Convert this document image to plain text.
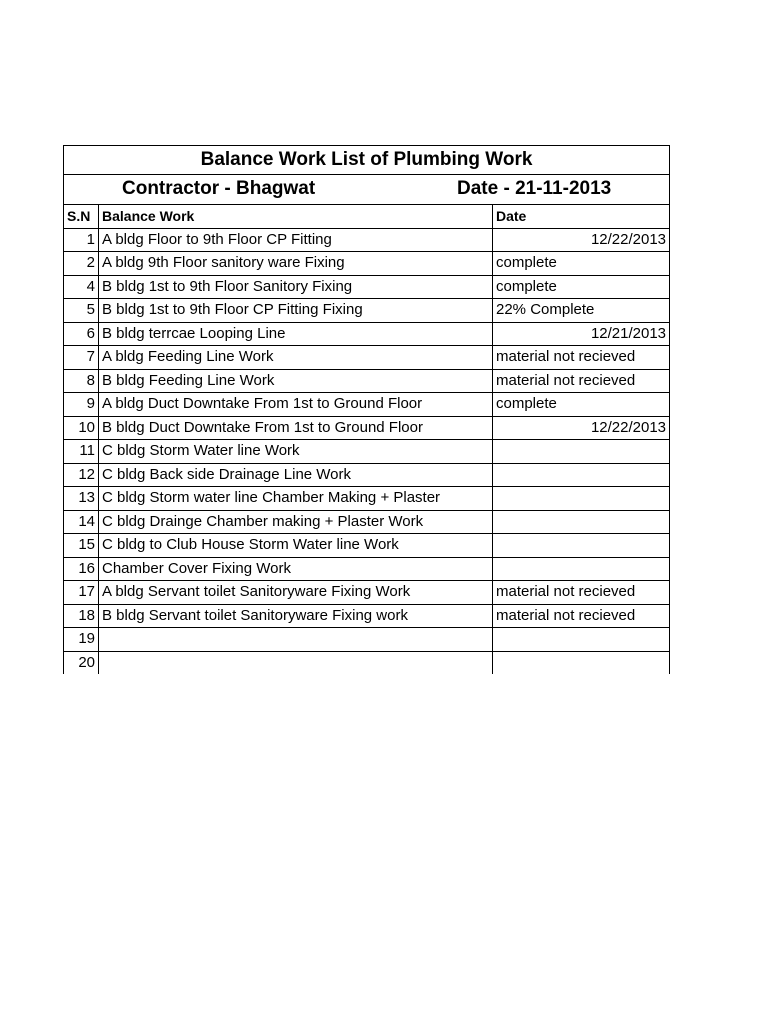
Balance Work List of Plumbing Work		

Contractor - Bhagwat Date - 21-11-2013		

S.N	Balance Work	Date
1	A bldg Floor to 9th Floor CP Fitting	12/22/2013
2	A bldg 9th Floor sanitory ware Fixing	complete
4	B bldg 1st to 9th Floor Sanitory Fixing	complete
5	B bldg 1st to 9th Floor CP Fitting Fixing	22% Complete
6	B bldg terrcae Looping Line	12/21/2013
7	A bldg Feeding Line Work	material not recieved
8	B bldg Feeding Line Work	material not recieved
9	A bldg Duct Downtake From 1st to Ground Floor	complete
10	B bldg Duct Downtake From 1st to Ground Floor	12/22/2013
11	C bldg Storm Water line Work	
12	C bldg Back side Drainage Line Work	
13	C bldg Storm water line Chamber Making + Plaster	
14	C bldg Drainge Chamber making + Plaster Work	
15	C bldg to Club House Storm Water line Work	
16	Chamber Cover Fixing Work	
17	A bldg Servant toilet Sanitoryware Fixing Work	material not recieved
18	B bldg Servant toilet Sanitoryware Fixing work	material not recieved
19		
20		
